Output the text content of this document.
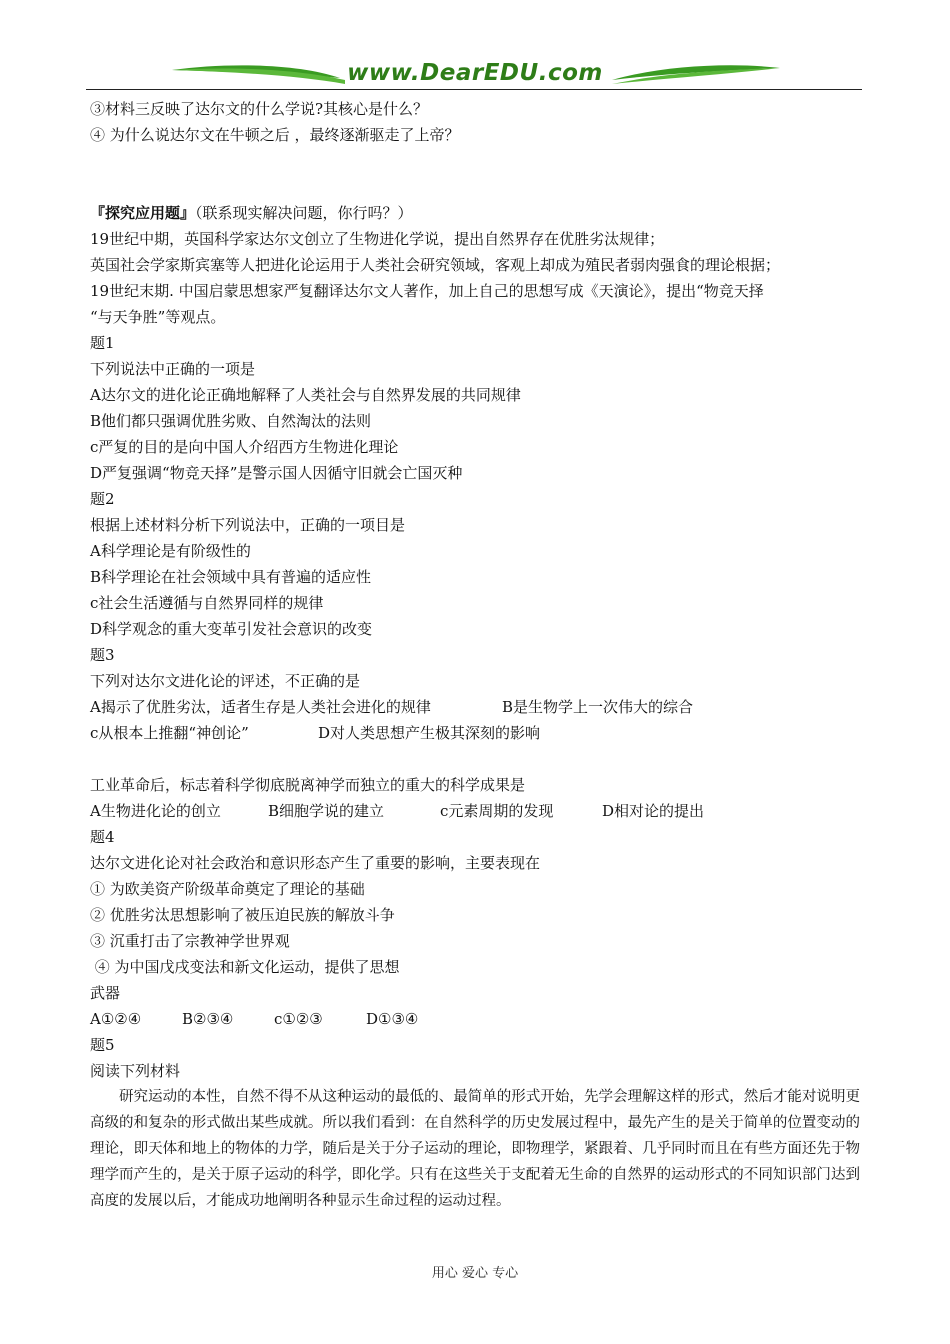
www.DearEDU.com
③材料三反映了达尔文的什么学说?其核心是什么？
④ 为什么说达尔文在牛顿之后 ，最终逐渐驱走了上帝？
『探究应用题』（联系现实解决问题，你行吗？）
19世纪中期，英国科学家达尔文创立了生物进化学说，提出自然界存在优胜劣汰规律；
英国社会学家斯宾塞等人把进化论运用于人类社会研究领域，客观上却成为殖民者弱肉强食的理论根据；
19世纪末期. 中国启蒙思想家严复翻译达尔文人著作，加上自己的思想写成《天演论》，提出“物竞天择
“与天争胜”等观点。
题1
下列说法中正确的一项是
A达尔文的进化论正确地解释了人类社会与自然界发展的共同规律
B他们都只强调优胜劣败、自然淘汰的法则
c严复的目的是向中国人介绍西方生物进化理论
D严复强调“物竞天择”是警示国人因循守旧就会亡国灭种
题2
根据上述材料分析下列说法中，正确的一项目是
A科学理论是有阶级性的
B科学理论在社会领域中具有普遍的适应性
c社会生活遵循与自然界同样的规律
D科学观念的重大变革引发社会意识的改变
题3
下列对达尔文进化论的评述，不正确的是
A揭示了优胜劣汰，适者生存是人类社会进化的规律	B是生物学上一次伟大的综合
c从根本上推翻“神创论”	D对人类思想产生极其深刻的影响
工业革命后，标志着科学彻底脱离神学而独立的重大的科学成果是
A生物进化论的创立	B细胞学说的建立	c元素周期的发现	D相对论的提出
题4
达尔文进化论对社会政治和意识形态产生了重要的影响，主要表现在
① 为欧美资产阶级革命奠定了理论的基础
② 优胜劣汰思想影响了被压迫民族的解放斗争
③ 沉重打击了宗教神学世界观
④ 为中国戊戌变法和新文化运动，提供了思想
武器
A①②④	B②③④	c①②③	D①③④
题5
阅读下列材料

研究运动的本性，自然不得不从这种运动的最低的、最简单的形式开始，先学会理解这样的形式，然后才能对说明更高级的和复杂的形式做出某些成就。所以我们看到：在自然科学的历史发展过程中，最先产生的是关于简单的位置变动的理论，即天体和地上的物体的力学，随后是关于分子运动的理论，即物理学，紧跟着、几乎同时而且在有些方面还先于物理学而产生的，是关于原子运动的科学，即化学。只有在这些关于支配着无生命的自然界的运动形式的不同知识部门达到高度的发展以后，才能成功地阐明各种显示生命过程的运动过程。

用心 爱心 专心
